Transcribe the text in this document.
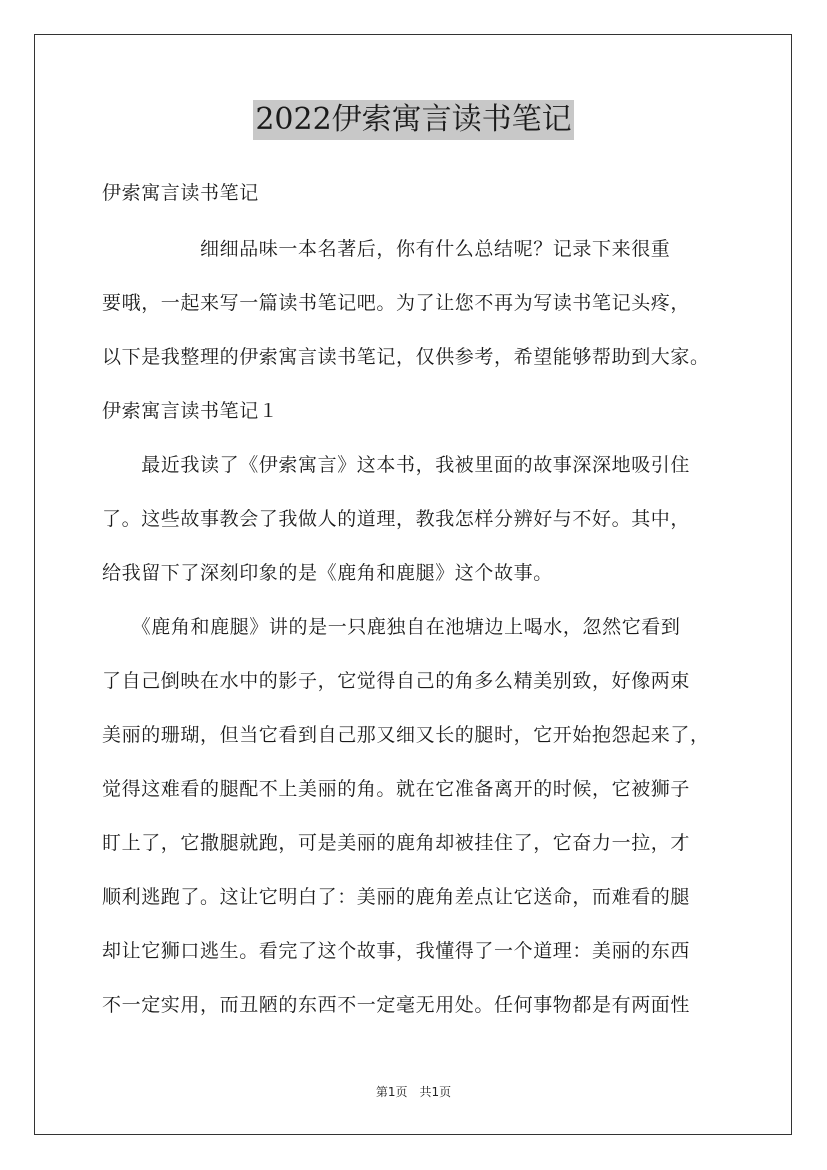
2022伊索寓言读书笔记
伊索寓言读书笔记
　　　　　细细品味一本名著后，你有什么总结呢？记录下来很重
要哦，一起来写一篇读书笔记吧。为了让您不再为写读书笔记头疼，
以下是我整理的伊索寓言读书笔记，仅供参考，希望能够帮助到大家。
伊索寓言读书笔记１
　　最近我读了《伊索寓言》这本书，我被里面的故事深深地吸引住
了。这些故事教会了我做人的道理，教我怎样分辨好与不好。其中，
给我留下了深刻印象的是《鹿角和鹿腿》这个故事。
　　《鹿角和鹿腿》讲的是一只鹿独自在池塘边上喝水，忽然它看到
了自己倒映在水中的影子，它觉得自己的角多么精美别致，好像两束
美丽的珊瑚，但当它看到自己那又细又长的腿时，它开始抱怨起来了，
觉得这难看的腿配不上美丽的角。就在它准备离开的时候，它被狮子
盯上了，它撒腿就跑，可是美丽的鹿角却被挂住了，它奋力一拉，才
顺利逃跑了。这让它明白了：美丽的鹿角差点让它送命，而难看的腿
却让它狮口逃生。看完了这个故事，我懂得了一个道理：美丽的东西
不一定实用，而丑陋的东西不一定毫无用处。任何事物都是有两面性
第1页　共1页
